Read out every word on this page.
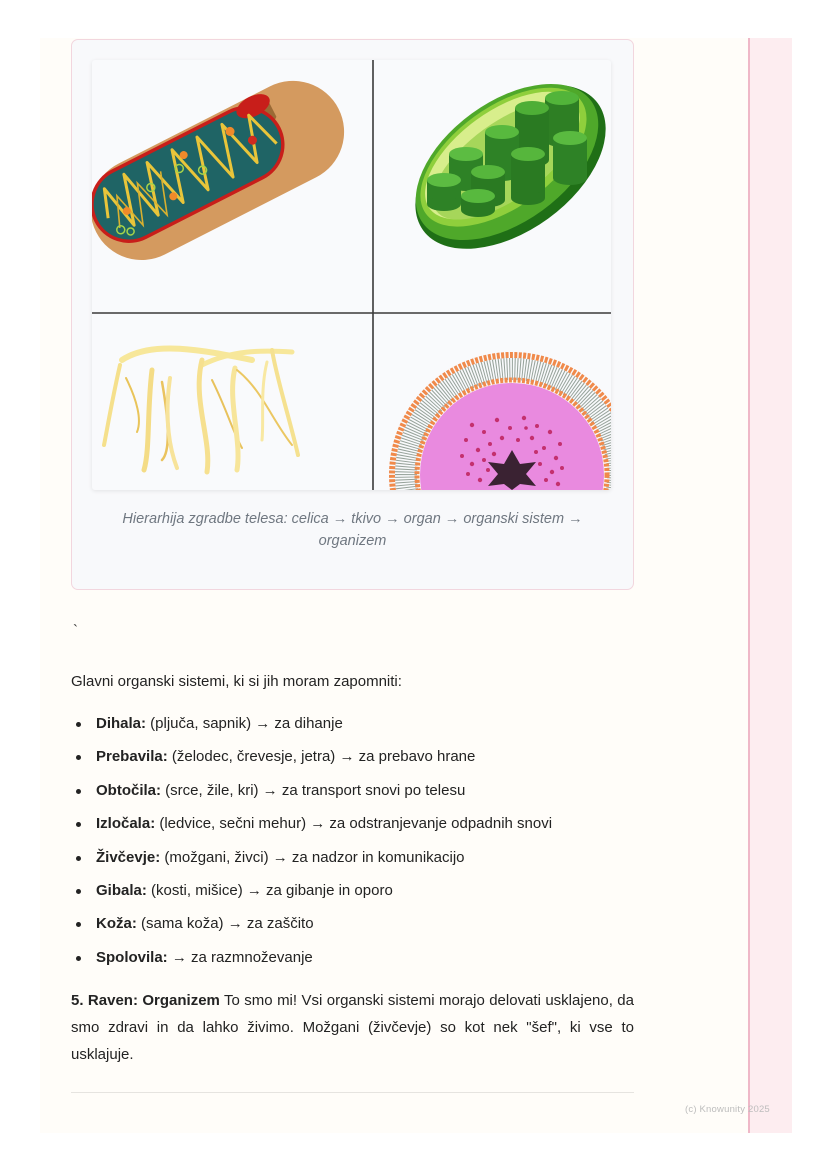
Hierarhija zgradbe telesa: celica → tkivo → organ → organski sistem → organizem

`

Glavni organski sistemi, ki si jih moram zapomniti:

Dihala: (pljuča, sapnik) → za dihanje
Prebavila: (želodec, črevesje, jetra) → za prebavo hrane
Obtočila: (srce, žile, kri) → za transport snovi po telesu
Izločala: (ledvice, sečni mehur) → za odstranjevanje odpadnih snovi
Živčevje: (možgani, živci) → za nadzor in komunikacijo
Gibala: (kosti, mišice) → za gibanje in oporo
Koža: (sama koža) → za zaščito
Spolovila: → za razmnoževanje

5. Raven: Organizem To smo mi! Vsi organski sistemi morajo delovati usklajeno, da smo zdravi in da lahko živimo. Možgani (živčevje) so kot nek "šef", ki vse to usklajuje.

(c) Knowunity 2025
